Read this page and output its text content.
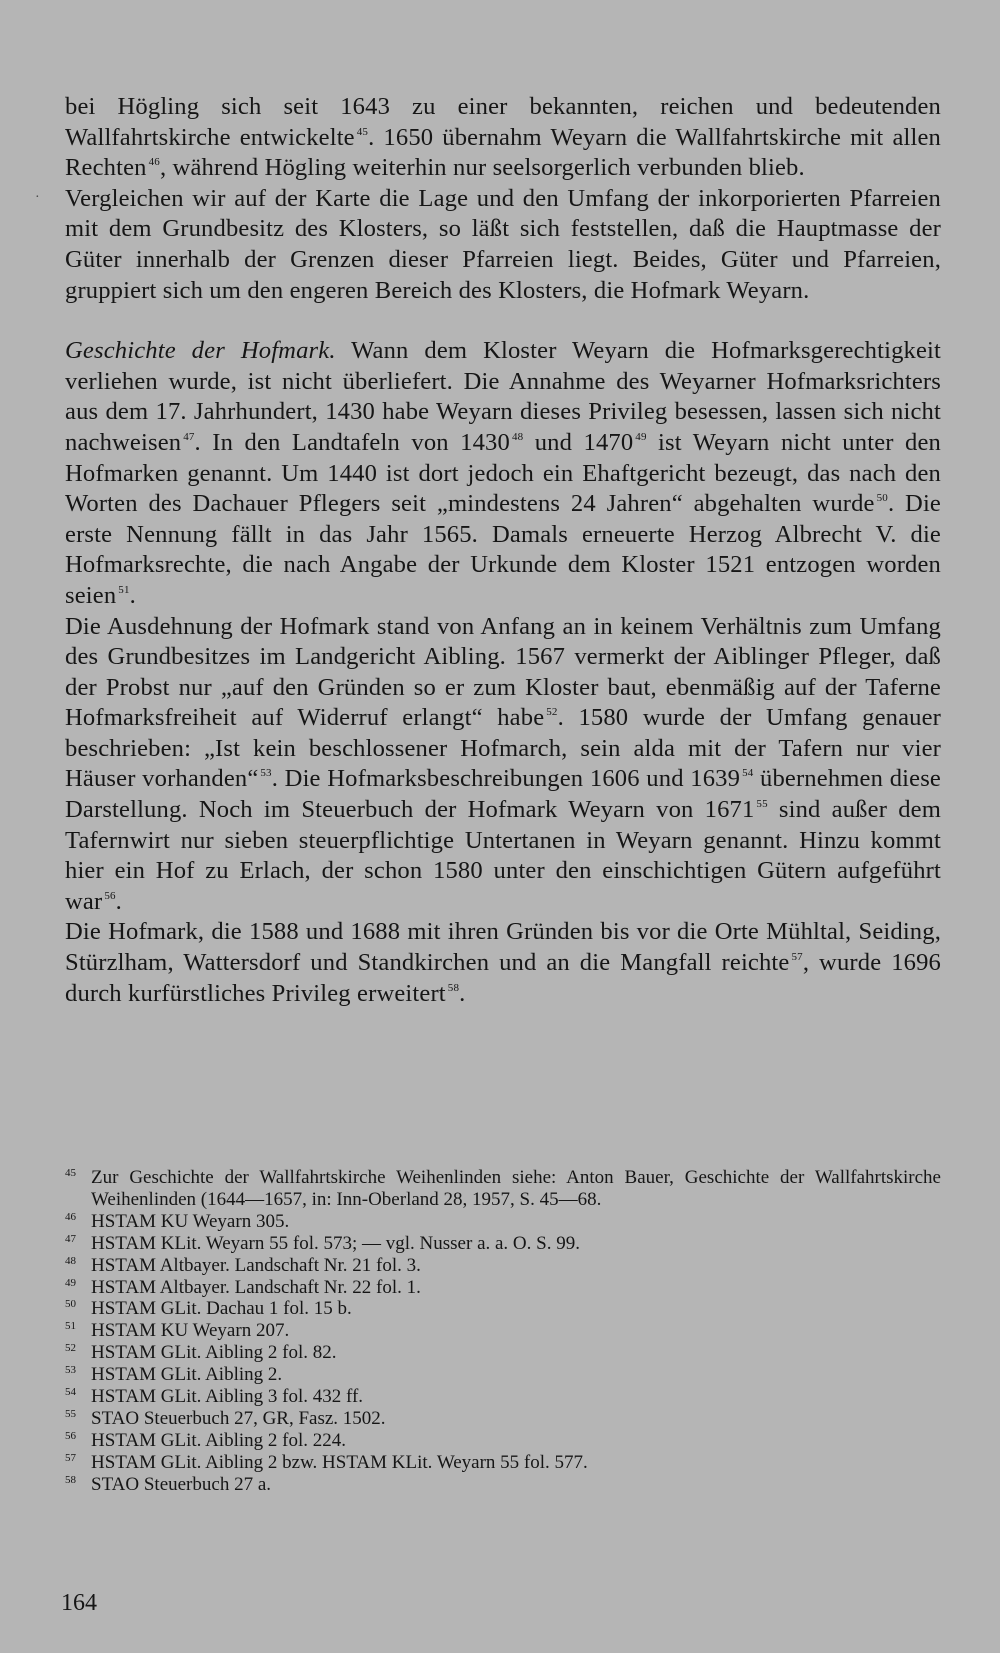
·

bei Högling sich seit 1643 zu einer bekannten, reichen und bedeutenden Wallfahrtskirche entwickelte $^{45}$. 1650 übernahm Weyarn die Wallfahrtskirche mit allen Rechten $^{46}$, während Högling weiterhin nur seelsorgerlich verbunden blieb.

Vergleichen wir auf der Karte die Lage und den Umfang der inkorporierten Pfarreien mit dem Grundbesitz des Klosters, so läßt sich feststellen, daß die Hauptmasse der Güter innerhalb der Grenzen dieser Pfarreien liegt. Beides, Güter und Pfarreien, gruppiert sich um den engeren Bereich des Klosters, die Hofmark Weyarn.

Geschichte der Hofmark. Wann dem Kloster Weyarn die Hofmarksgerechtigkeit verliehen wurde, ist nicht überliefert. Die Annahme des Weyarner Hofmarksrichters aus dem 17. Jahrhundert, 1430 habe Weyarn dieses Privileg besessen, lassen sich nicht nachweisen $^{47}$. In den Landtafeln von 1430 $^{48}$ und 1470 $^{49}$ ist Weyarn nicht unter den Hofmarken genannt. Um 1440 ist dort jedoch ein Ehaftgericht bezeugt, das nach den Worten des Dachauer Pflegers seit „mindestens 24 Jahren“ abgehalten wurde $^{50}$. Die erste Nennung fällt in das Jahr 1565. Damals erneuerte Herzog Albrecht V. die Hofmarksrechte, die nach Angabe der Urkunde dem Kloster 1521 entzogen worden seien $^{51}$.

Die Ausdehnung der Hofmark stand von Anfang an in keinem Verhältnis zum Umfang des Grundbesitzes im Landgericht Aibling. 1567 vermerkt der Aiblinger Pfleger, daß der Probst nur „auf den Gründen so er zum Kloster baut, ebenmäßig auf der Taferne Hofmarksfreiheit auf Widerruf erlangt“ habe $^{52}$. 1580 wurde der Umfang genauer beschrieben: „Ist kein beschlossener Hofmarch, sein alda mit der Tafern nur vier Häuser vorhanden“ $^{53}$. Die Hofmarksbeschreibungen 1606 und 1639 $^{54}$ übernehmen diese Darstellung. Noch im Steuerbuch der Hofmark Weyarn von 1671 $^{55}$ sind außer dem Tafernwirt nur sieben steuerpflichtige Untertanen in Weyarn genannt. Hinzu kommt hier ein Hof zu Erlach, der schon 1580 unter den einschichtigen Gütern aufgeführt war $^{56}$.

Die Hofmark, die 1588 und 1688 mit ihren Gründen bis vor die Orte Mühltal, Seiding, Stürzlham, Wattersdorf und Standkirchen und an die Mangfall reichte $^{57}$, wurde 1696 durch kurfürstliches Privileg erweitert $^{58}$.

45 Zur Geschichte der Wallfahrtskirche Weihenlinden siehe: Anton Bauer, Geschichte der Wallfahrtskirche Weihenlinden (1644—1657, in: Inn-Oberland 28, 1957, S. 45—68.
46 HSTAM KU Weyarn 305.
47 HSTAM KLit. Weyarn 55 fol. 573; — vgl. Nusser a. a. O. S. 99.
48 HSTAM Altbayer. Landschaft Nr. 21 fol. 3.
49 HSTAM Altbayer. Landschaft Nr. 22 fol. 1.
50 HSTAM GLit. Dachau 1 fol. 15 b.
51 HSTAM KU Weyarn 207.
52 HSTAM GLit. Aibling 2 fol. 82.
53 HSTAM GLit. Aibling 2.
54 HSTAM GLit. Aibling 3 fol. 432 ff.
55 STAO Steuerbuch 27, GR, Fasz. 1502.
56 HSTAM GLit. Aibling 2 fol. 224.
57 HSTAM GLit. Aibling 2 bzw. HSTAM KLit. Weyarn 55 fol. 577.
58 STAO Steuerbuch 27 a.
164
